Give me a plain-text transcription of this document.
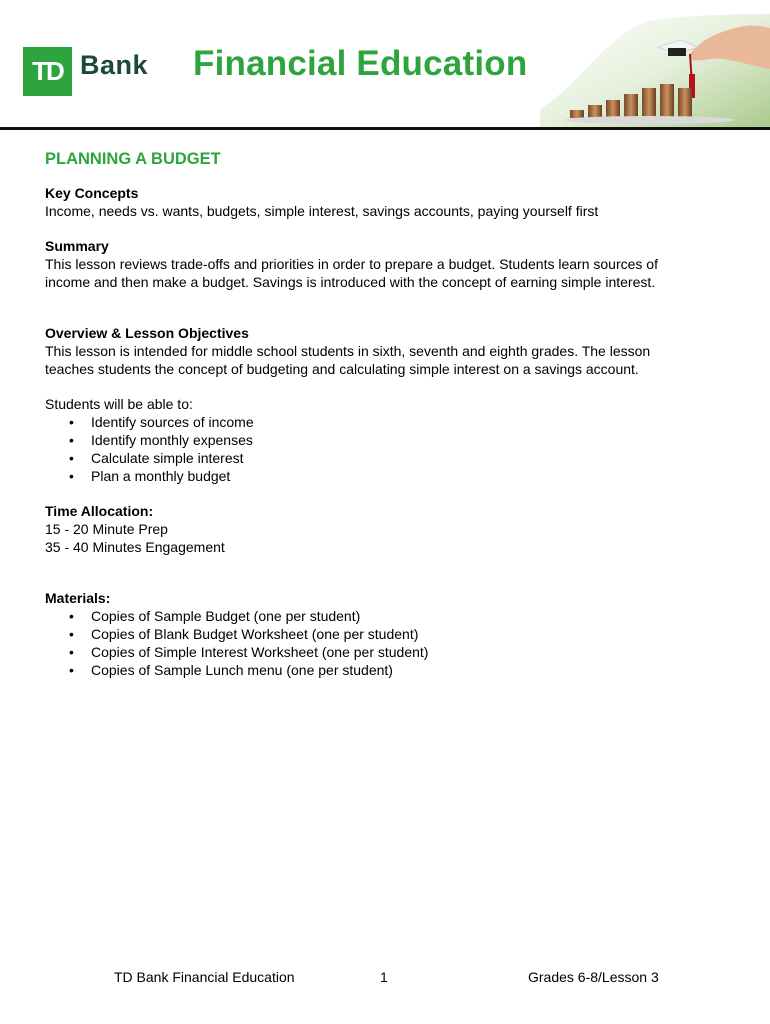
TD Bank Financial Education
PLANNING A BUDGET
Key Concepts
Income, needs vs. wants, budgets, simple interest, savings accounts, paying yourself first
Summary
This lesson reviews trade-offs and priorities in order to prepare a budget. Students learn sources of
income and then make a budget. Savings is introduced with the concept of earning simple interest.
Overview & Lesson Objectives
This lesson is intended for middle school students in sixth, seventh and eighth grades. The lesson
teaches students the concept of budgeting and calculating simple interest on a savings account.
Students will be able to:
• Identify sources of income
• Identify monthly expenses
• Calculate simple interest
• Plan a monthly budget
Time Allocation:
15 - 20 Minute Prep
35 - 40 Minutes Engagement
Materials:
• Copies of Sample Budget (one per student)
• Copies of Blank Budget Worksheet (one per student)
• Copies of Simple Interest Worksheet (one per student)
• Copies of Sample Lunch menu (one per student)
TD Bank Financial Education	1	Grades 6-8/Lesson 3
